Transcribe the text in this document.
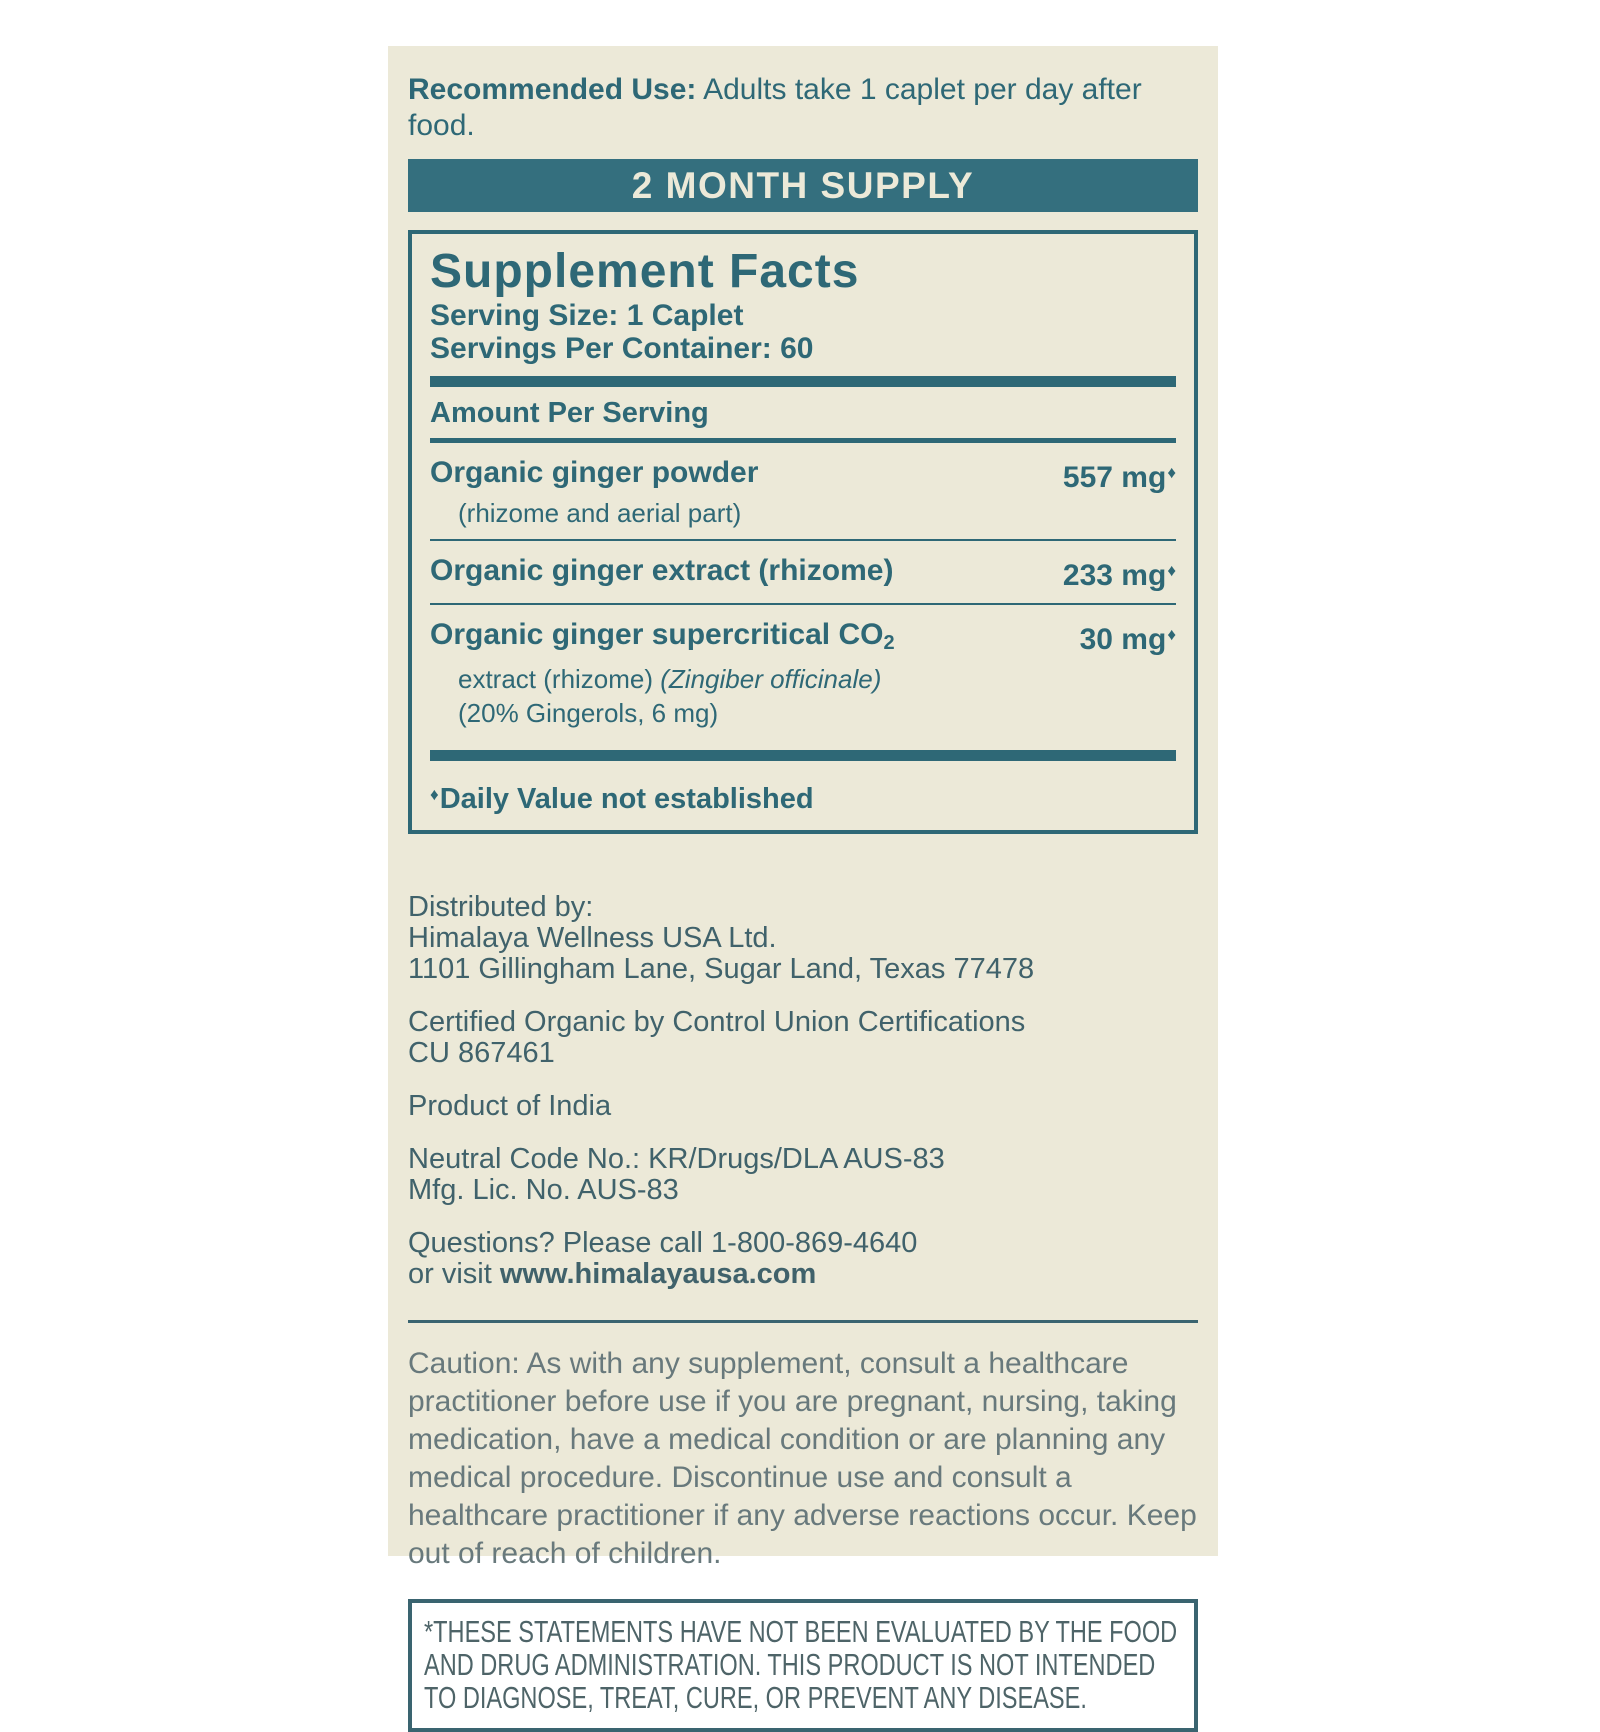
Recommended Use: Adults take 1 caplet per day after food.

2 MONTH SUPPLY
Supplement Facts
Serving Size: 1 Caplet
Servings Per Container: 60
Amount Per Serving
Organic ginger powder	557 mg♦
(rhizome and aerial part)
Organic ginger extract (rhizome)	233 mg♦
Organic ginger supercritical $CO_2$	30 mg♦
extract (rhizome) (Zingiber officinale)
(20% Gingerols, 6 mg)
♦Daily Value not established
Distributed by:
Himalaya Wellness USA Ltd.
1101 Gillingham Lane, Sugar Land, Texas 77478
Certified Organic by Control Union Certifications
CU 867461
Product of India
Neutral Code No.: KR/Drugs/DLA AUS-83
Mfg. Lic. No. AUS-83
Questions? Please call 1-800-869-4640
or visit www.himalayausa.com

Caution: As with any supplement, consult a healthcare practitioner before use if you are pregnant, nursing, taking medication, have a medical condition or are planning any medical procedure. Discontinue use and consult a healthcare practitioner if any adverse reactions occur. Keep out of reach of children.

*THESE STATEMENTS HAVE NOT BEEN EVALUATED BY THE FOOD
AND DRUG ADMINISTRATION. THIS PRODUCT IS NOT INTENDED
TO DIAGNOSE, TREAT, CURE, OR PREVENT ANY DISEASE.
